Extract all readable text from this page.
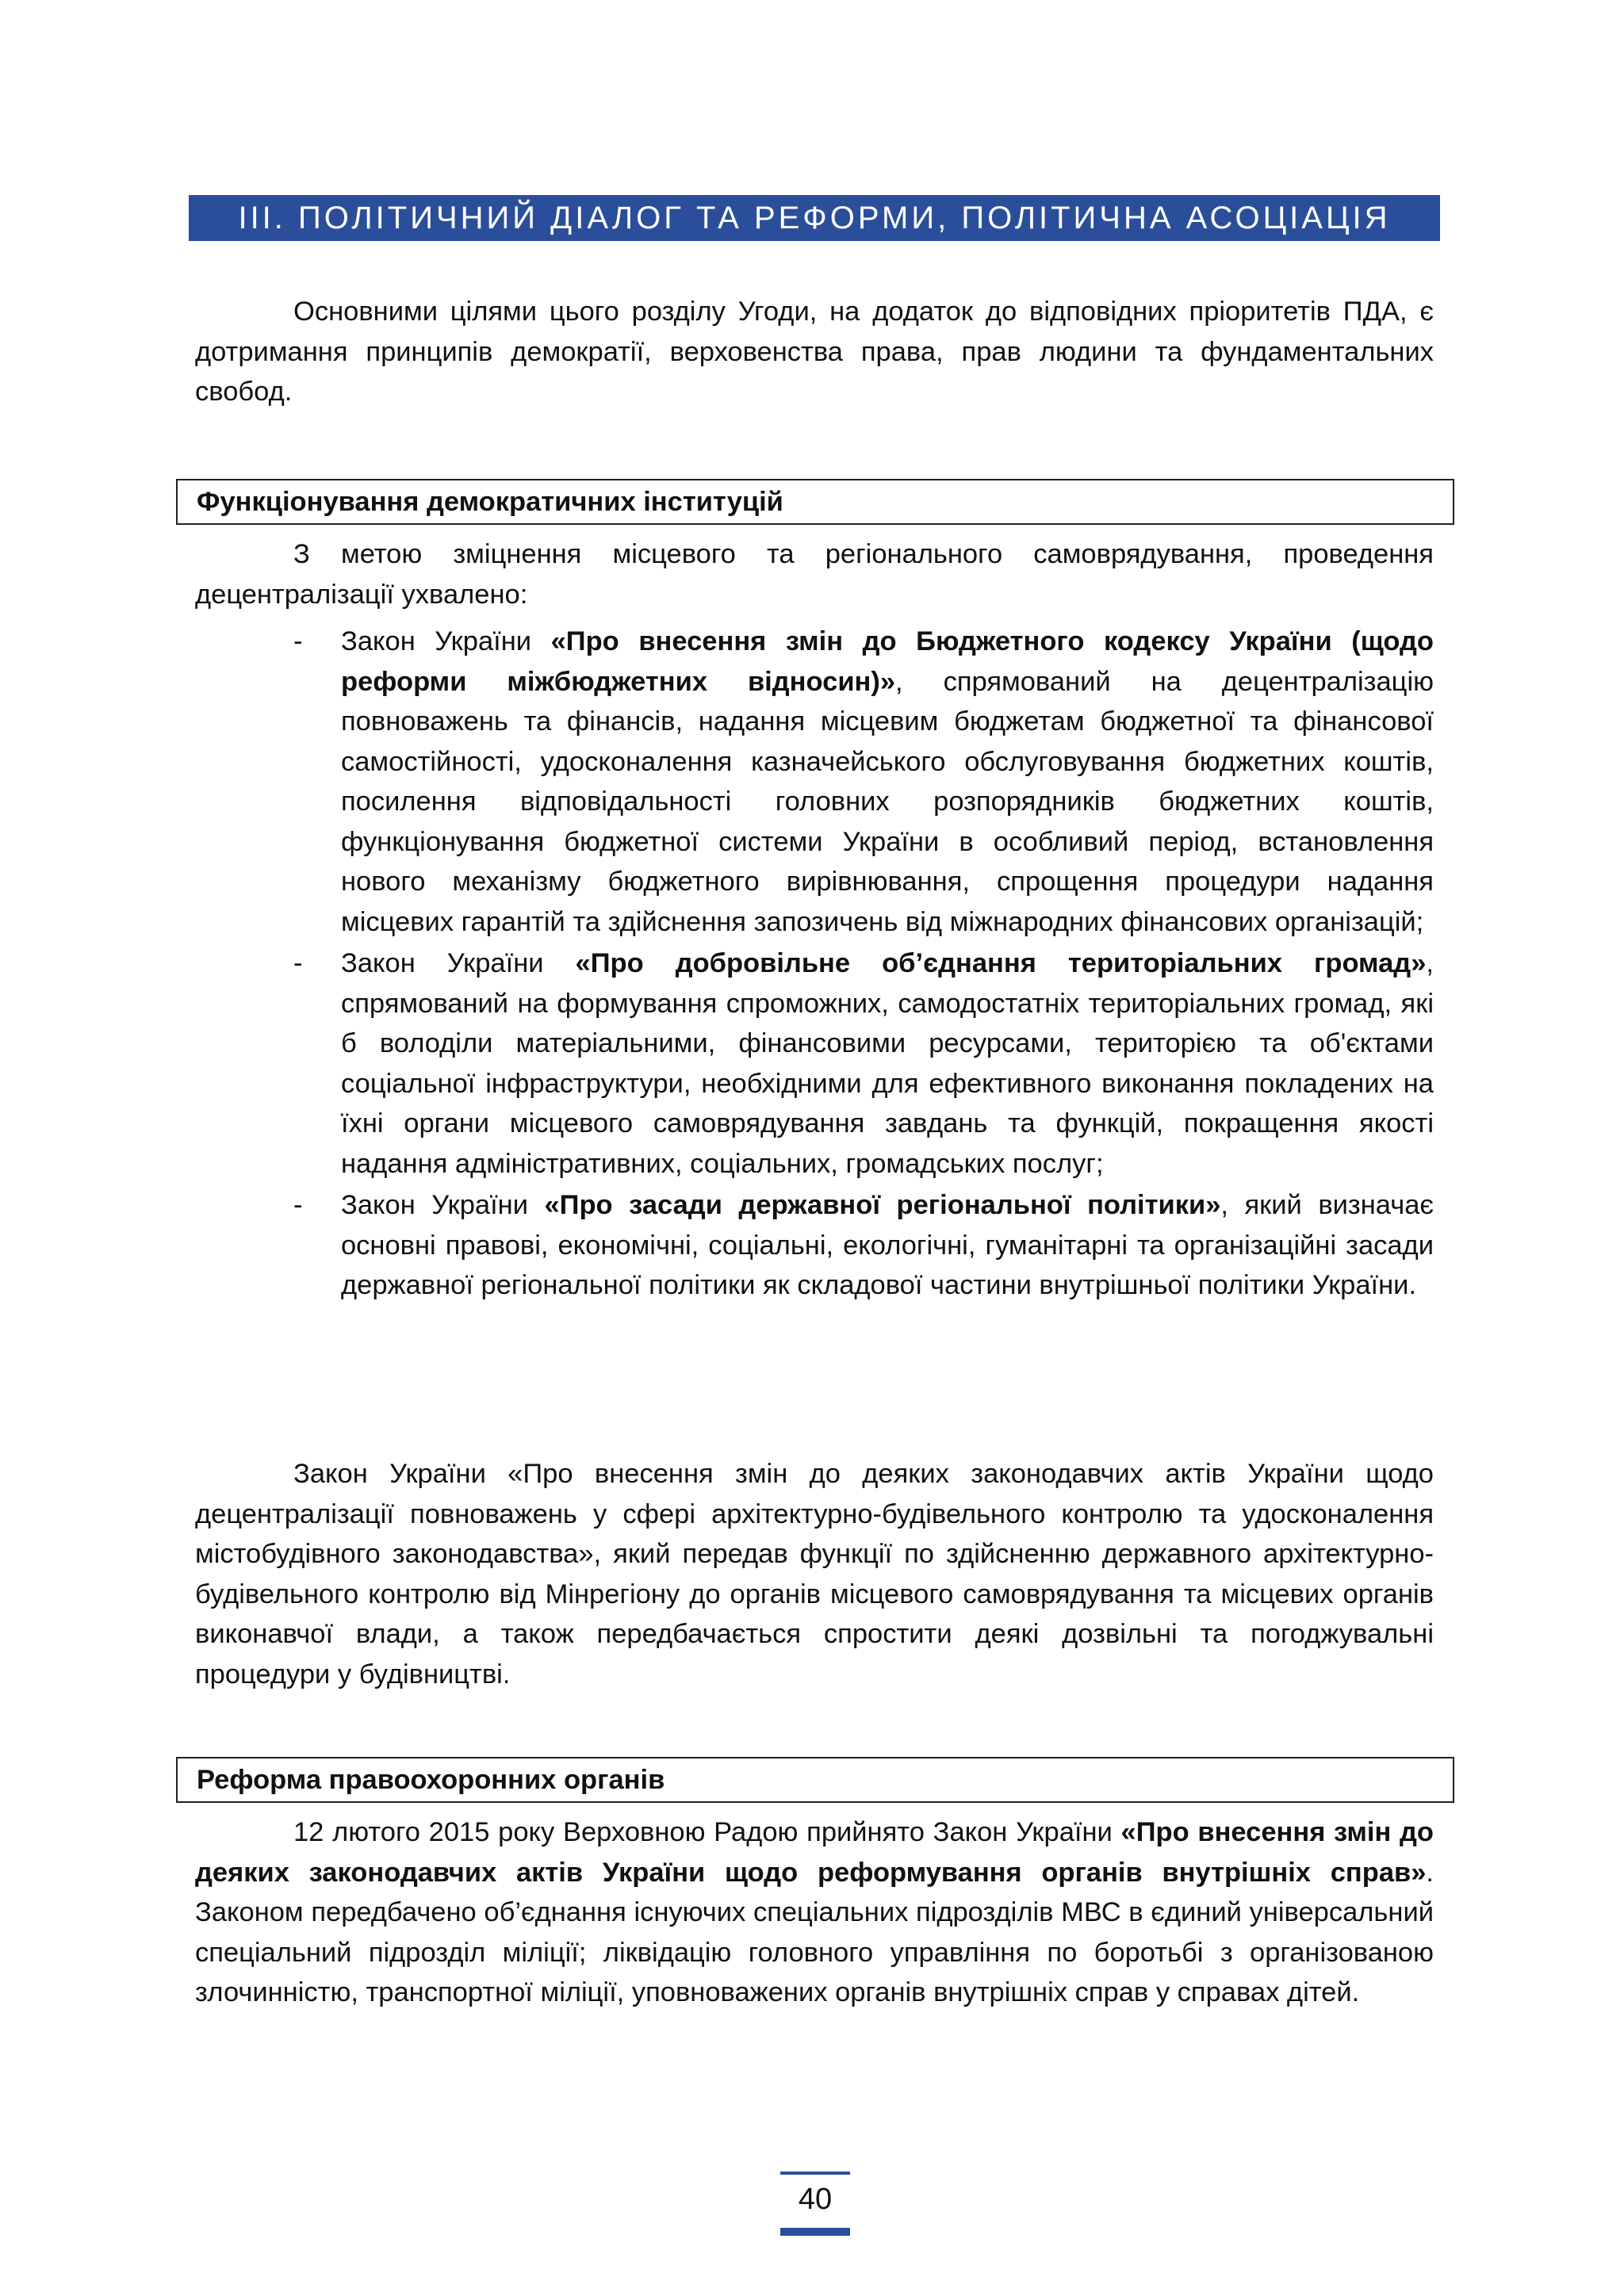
ІІІ. ПОЛІТИЧНИЙ ДІАЛОГ ТА РЕФОРМИ, ПОЛІТИЧНА АСОЦІАЦІЯ

Основними цілями цього розділу Угоди, на додаток до відповідних пріоритетів ПДА, є дотримання принципів демократії, верховенства права, прав людини та фундаментальних свобод.

Функціонування демократичних інституцій

З метою зміцнення місцевого та регіонального самоврядування, проведення децентралізації ухвалено:

- Закон України «Про внесення змін до Бюджетного кодексу України (щодо реформи міжбюджетних відносин)», спрямований на децентралізацію повноважень та фінансів, надання місцевим бюджетам бюджетної та фінансової самостійності, удосконалення казначейського обслуговування бюджетних коштів, посилення відповідальності головних розпорядників бюджетних коштів, функціонування бюджетної системи України в особливий період, встановлення нового механізму бюджетного вирівнювання, спрощення процедури надання місцевих гарантій та здійснення запозичень від міжнародних фінансових організацій;
- Закон України «Про добровільне об’єднання територіальних громад», спрямований на формування спроможних, самодостатніх територіальних громад, які б володіли матеріальними, фінансовими ресурсами, територією та об'єктами соціальної інфраструктури, необхідними для ефективного виконання покладених на їхні органи місцевого самоврядування завдань та функцій, покращення якості надання адміністративних, соціальних, громадських послуг;
- Закон України «Про засади державної регіональної політики», який визначає основні правові, економічні, соціальні, екологічні, гуманітарні та організаційні засади державної регіональної політики як складової частини внутрішньої політики України.

Закон України «Про внесення змін до деяких законодавчих актів України щодо децентралізації повноважень у сфері архітектурно-будівельного контролю та удосконалення містобудівного законодавства», який передав функції по здійсненню державного архітектурно-будівельного контролю від Мінрегіону до органів місцевого самоврядування та місцевих органів виконавчої влади, а також передбачається спростити деякі дозвільні та погоджувальні процедури у будівництві.

Реформа правоохоронних органів

12 лютого 2015 року Верховною Радою прийнято Закон України «Про внесення змін до деяких законодавчих актів України щодо реформування органів внутрішніх справ». Законом передбачено об’єднання існуючих спеціальних підрозділів МВС в єдиний універсальний спеціальний підрозділ міліції; ліквідацію головного управління по боротьбі з організованою злочинністю, транспортної міліції, уповноважених органів внутрішніх справ у справах дітей.

40
